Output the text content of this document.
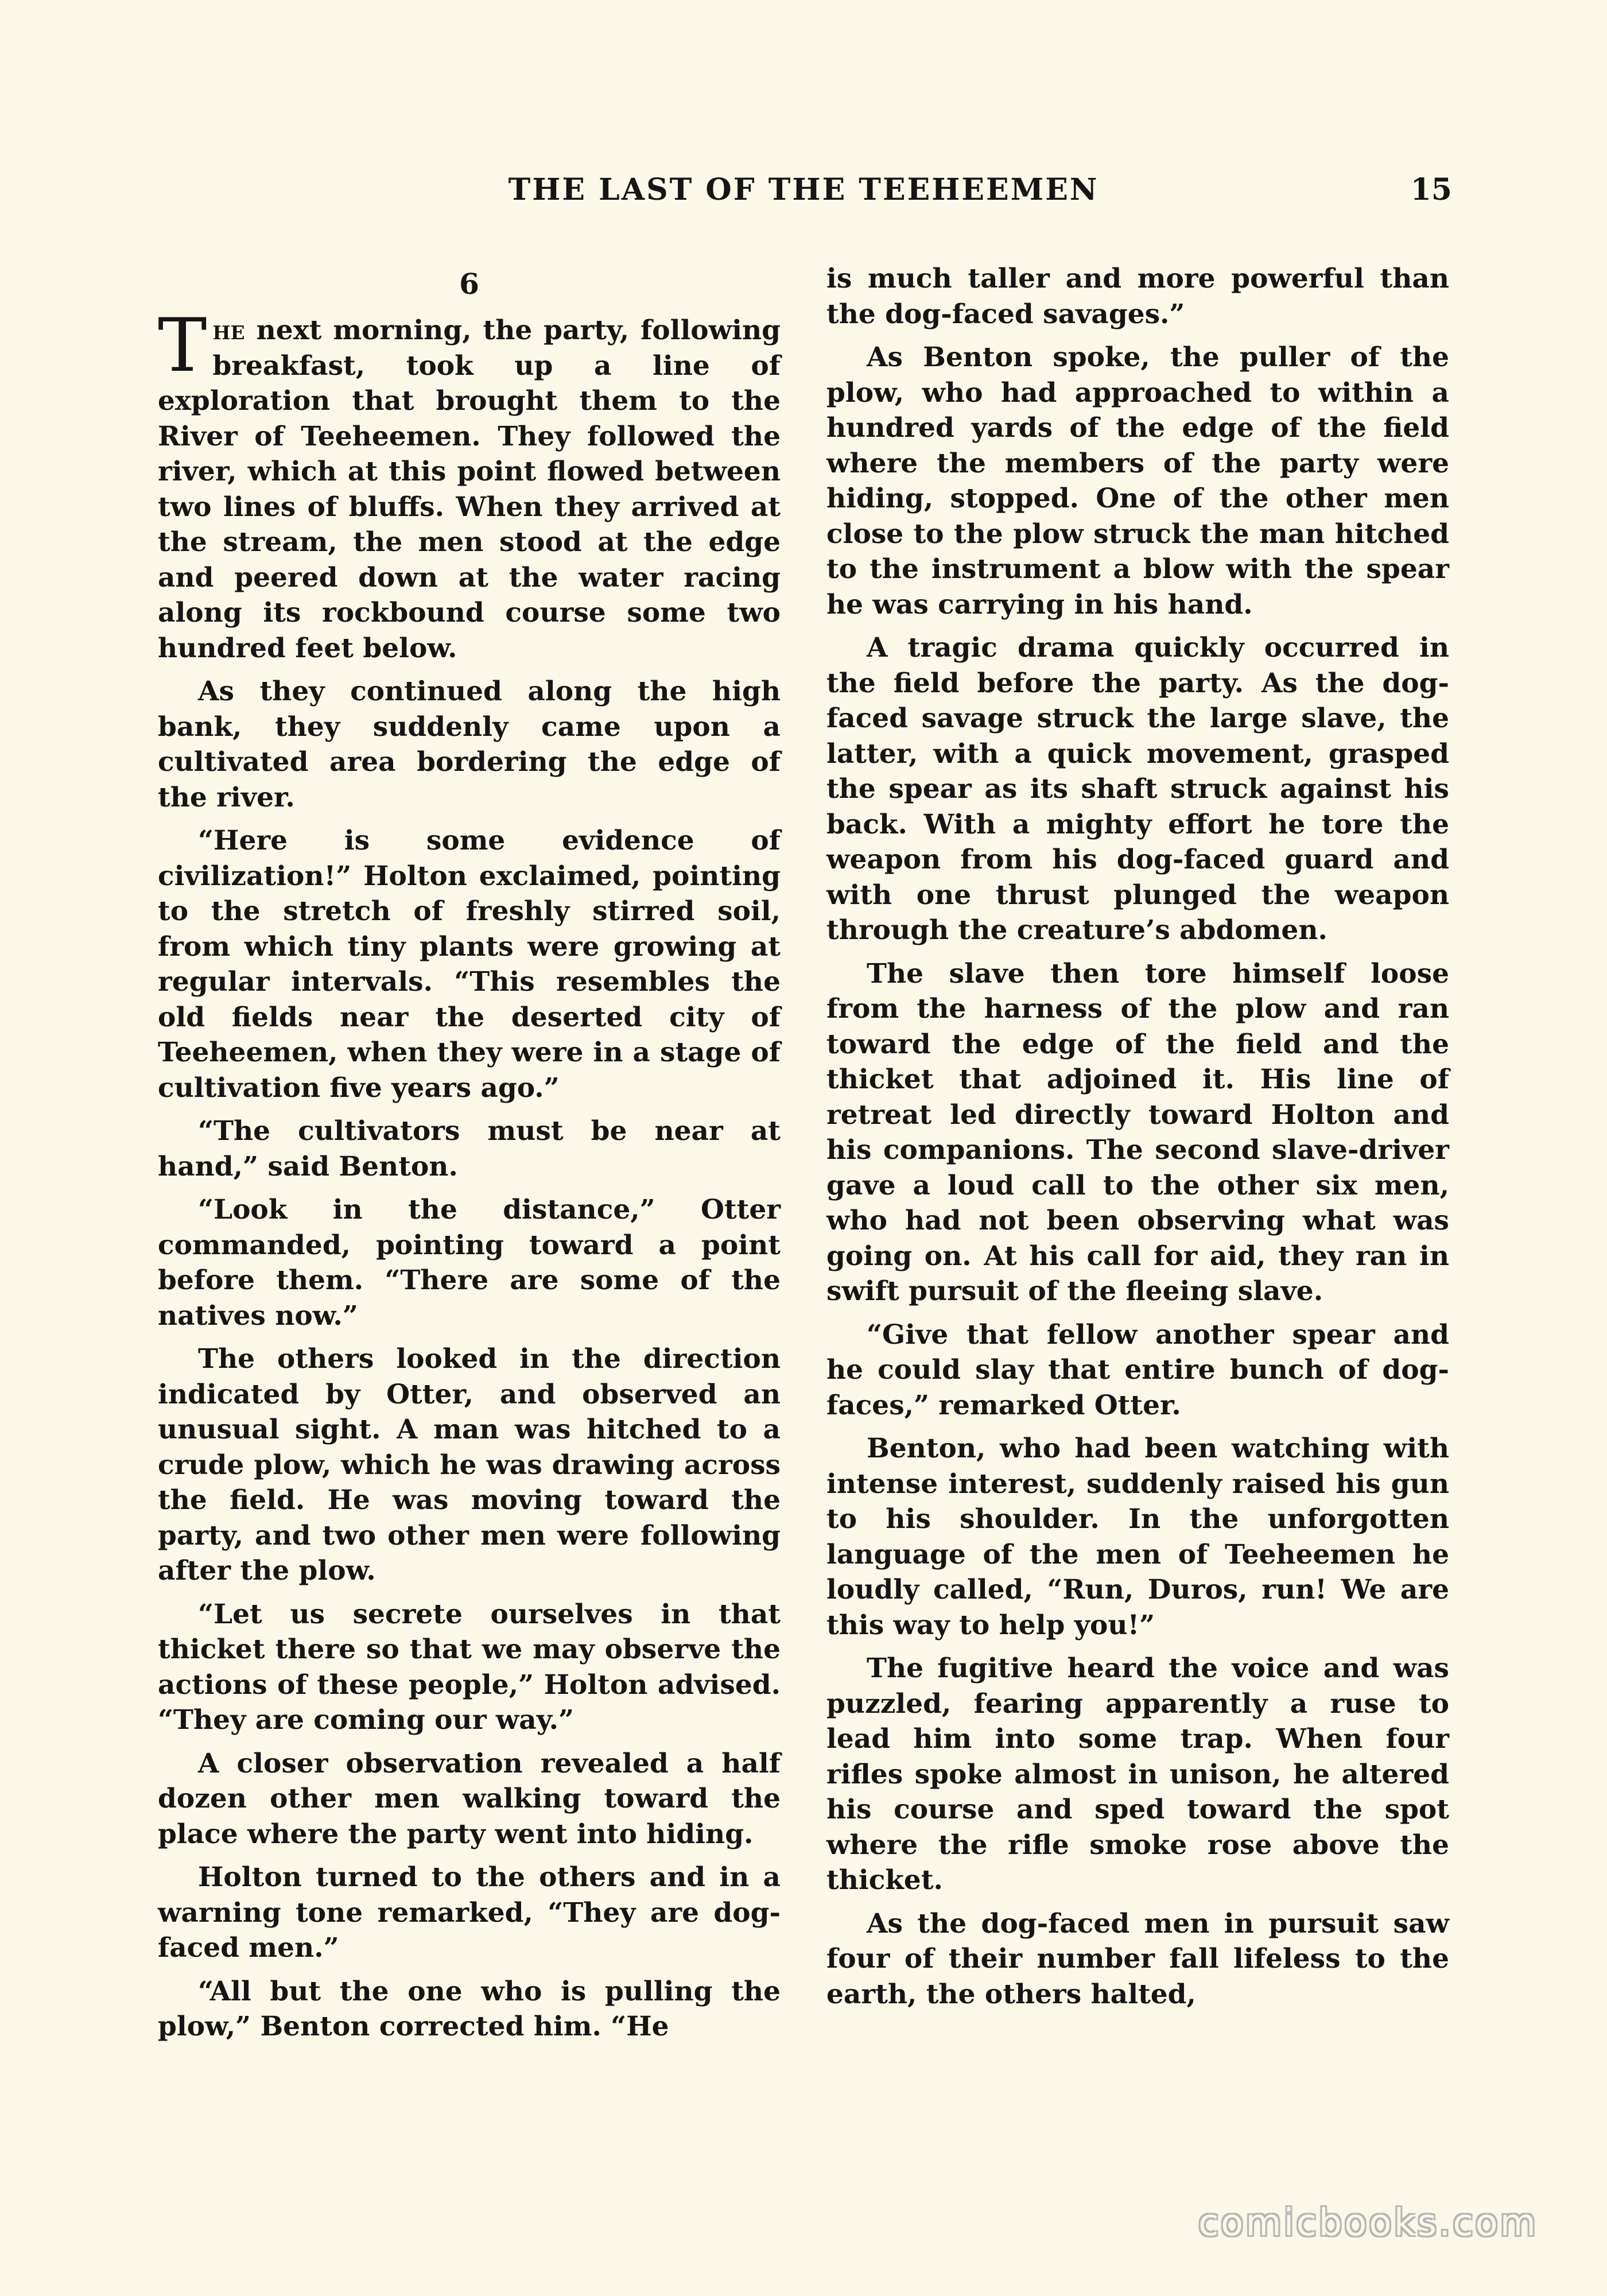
THE LAST OF THE TEEHEEMEN	15
6

The next morning, the party, following breakfast, took up a line of exploration that brought them to the River of Teeheemen. They followed the river, which at this point flowed between two lines of bluffs. When they arrived at the stream, the men stood at the edge and peered down at the water racing along its rockbound course some two hundred feet below.

As they continued along the high bank, they suddenly came upon a cultivated area bordering the edge of the river.

“Here is some evidence of civilization!” Holton exclaimed, pointing to the stretch of freshly stirred soil, from which tiny plants were growing at regular intervals. “This resembles the old fields near the deserted city of Teeheemen, when they were in a stage of cultivation five years ago.”

“The cultivators must be near at hand,” said Benton.

“Look in the distance,” Otter commanded, pointing toward a point before them. “There are some of the natives now.”

The others looked in the direction indicated by Otter, and observed an unusual sight. A man was hitched to a crude plow, which he was drawing across the field. He was moving toward the party, and two other men were following after the plow.

“Let us secrete ourselves in that thicket there so that we may observe the actions of these people,” Holton advised. “They are coming our way.”

A closer observation revealed a half dozen other men walking toward the place where the party went into hiding.

Holton turned to the others and in a warning tone remarked, “They are dog-faced men.”

“All but the one who is pulling the plow,” Benton corrected him. “He

is much taller and more powerful than the dog-faced savages.”

As Benton spoke, the puller of the plow, who had approached to within a hundred yards of the edge of the field where the members of the party were hiding, stopped. One of the other men close to the plow struck the man hitched to the instrument a blow with the spear he was carrying in his hand.

A tragic drama quickly occurred in the field before the party. As the dog-faced savage struck the large slave, the latter, with a quick movement, grasped the spear as its shaft struck against his back. With a mighty effort he tore the weapon from his dog-faced guard and with one thrust plunged the weapon through the creature’s abdomen.

The slave then tore himself loose from the harness of the plow and ran toward the edge of the field and the thicket that adjoined it. His line of retreat led directly toward Holton and his companions. The second slave-driver gave a loud call to the other six men, who had not been observing what was going on. At his call for aid, they ran in swift pursuit of the fleeing slave.

“Give that fellow another spear and he could slay that entire bunch of dog-faces,” remarked Otter.

Benton, who had been watching with intense interest, suddenly raised his gun to his shoulder. In the unforgotten language of the men of Teeheemen he loudly called, “Run, Duros, run! We are this way to help you!”

The fugitive heard the voice and was puzzled, fearing apparently a ruse to lead him into some trap. When four rifles spoke almost in unison, he altered his course and sped toward the spot where the rifle smoke rose above the thicket.

As the dog-faced men in pursuit saw four of their number fall lifeless to the earth, the others halted,

comicbooks.com
